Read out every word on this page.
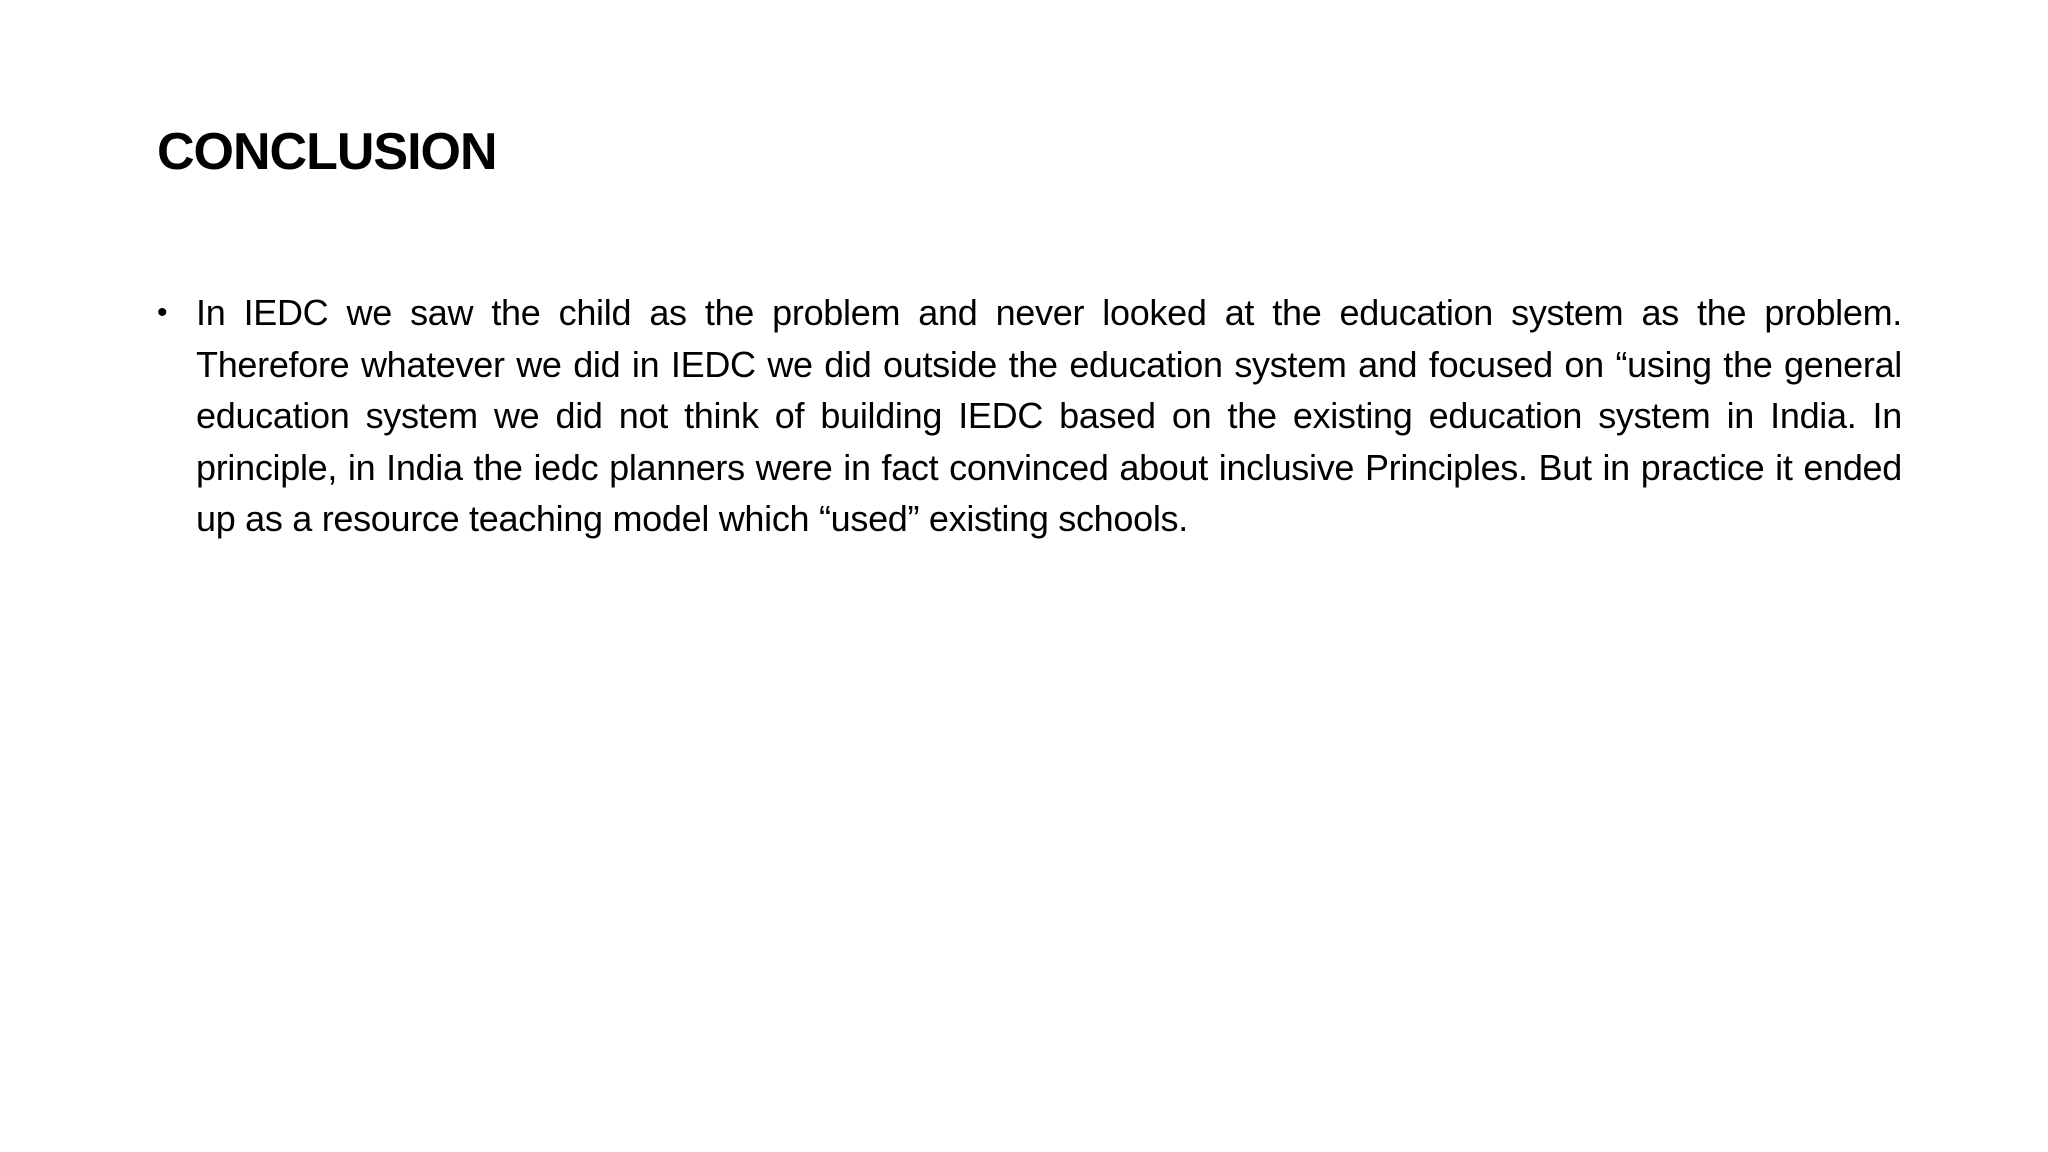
CONCLUSION
• In IEDC we saw the child as the problem and never looked at the education system as the problem. Therefore whatever we did in IEDC we did outside the education system and focused on “using the general education system we did not think of building IEDC based on the existing education system in India. In principle, in India the iedc planners were in fact convinced about inclusive Principles. But in practice it ended up as a resource teaching model which “used” existing schools.
